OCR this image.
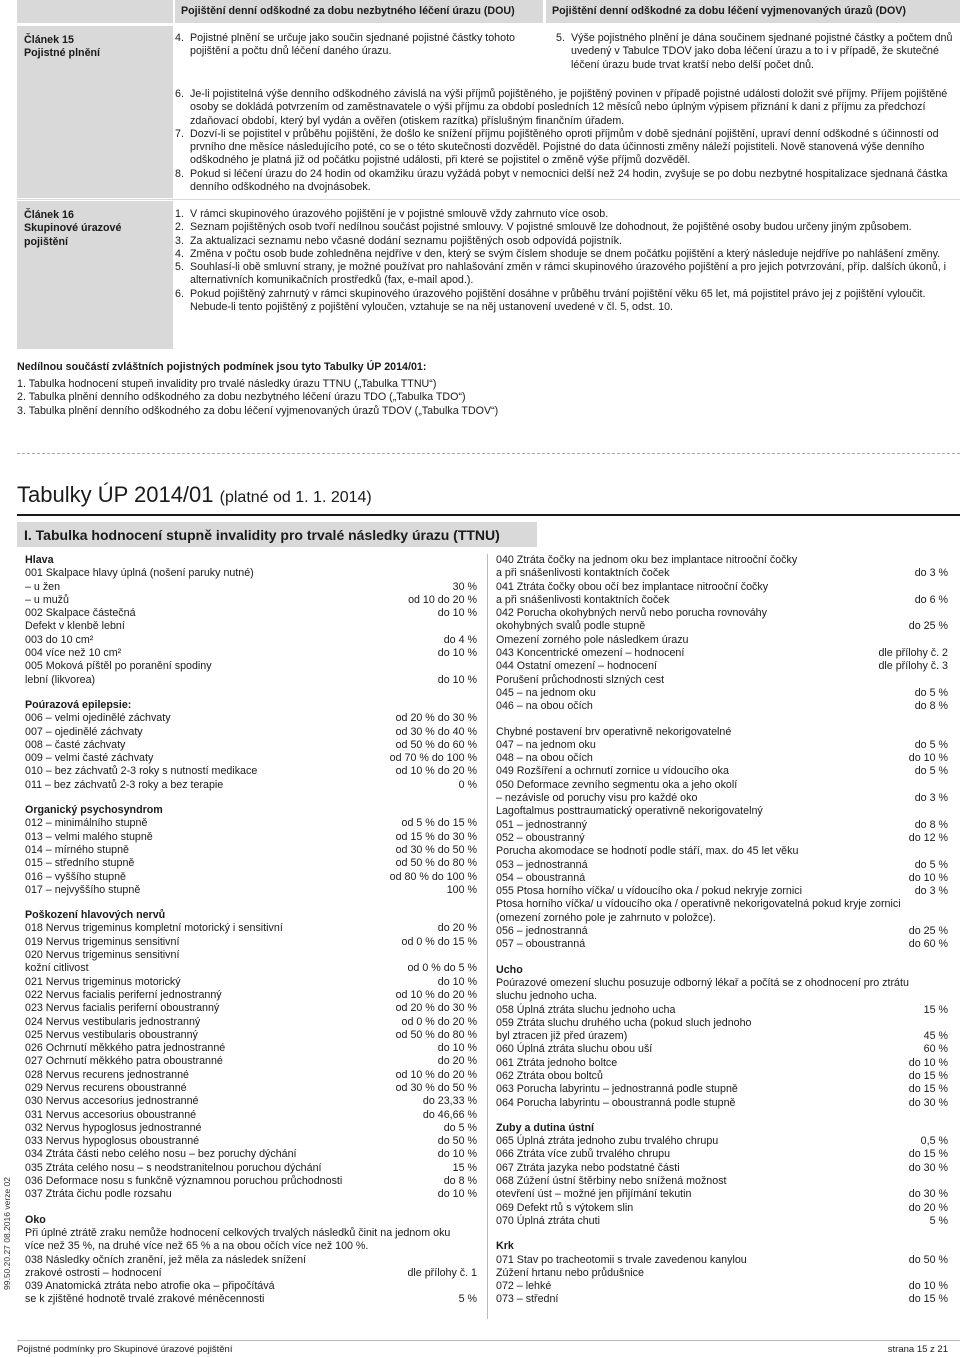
Pojištění denní odškodné za dobu nezbytného léčení úrazu (DOU)	Pojištění denní odškodné za dobu léčení vyjmenovaných úrazů (DOV)
Článek 15
Pojistné plnění
4. Pojistné plnění se určuje jako součin sjednané pojistné částky tohoto pojištění a počtu dnů léčení daného úrazu.
5. Výše pojistného plnění je dána součinem sjednané pojistné částky a počtem dnů uvedený v Tabulce TDOV jako doba léčení úrazu a to i v případě, že skutečné léčení úrazu bude trvat kratší nebo delší počet dnů.
6. Je-li pojistitelná výše denního odškodného závislá na výši příjmů pojištěného, je pojištěný povinen v případě pojistné události doložit své příjmy. Příjem pojištěné osoby se dokládá potvrzením od zaměstnavatele o výši příjmu za období posledních 12 měsíců nebo úplným výpisem přiznání k dani z příjmu za předchozí zdaňovací období, který byl vydán a ověřen (otiskem razítka) příslušným finančním úřadem.
7. Dozví-li se pojistitel v průběhu pojištění, že došlo ke snížení příjmu pojištěného oproti příjmům v době sjednání pojištění, upraví denní odškodné s účinností od prvního dne měsíce následujícího poté, co se o této skutečnosti dozvěděl. Pojistné do data účinnosti změny náleží pojistiteli. Nově stanovená výše denního odškodného je platná již od počátku pojistné události, při které se pojistitel o změně výše příjmů dozvěděl.
8. Pokud si léčení úrazu do 24 hodin od okamžiku úrazu vyžádá pobyt v nemocnici delší než 24 hodin, zvyšuje se po dobu nezbytné hospitalizace sjednaná částka denního odškodného na dvojnásobek.
Článek 16
Skupinové úrazové pojištění
1. V rámci skupinového úrazového pojištění je v pojistné smlouvě vždy zahrnuto více osob.
2. Seznam pojištěných osob tvoří nedílnou součást pojistné smlouvy. V pojistné smlouvě lze dohodnout, že pojištěné osoby budou určeny jiným způsobem.
3. Za aktualizaci seznamu nebo včasné dodání seznamu pojištěných osob odpovídá pojistník.
4. Změna v počtu osob bude zohledněna nejdříve v den, který se svým číslem shoduje se dnem počátku pojištění a který následuje nejdříve po nahlášení změny.
5. Souhlasí-li obě smluvní strany, je možné používat pro nahlašování změn v rámci skupinového úrazového pojištění a pro jejich potvrzování, příp. dalších úkonů, i alternativních komunikačních prostředků (fax, e-mail apod.).
6. Pokud pojištěný zahrnutý v rámci skupinového úrazového pojištění dosáhne v průběhu trvání pojištění věku 65 let, má pojistitel právo jej z pojištění vyloučit. Nebude-li tento pojištěný z pojištění vyloučen, vztahuje se na něj ustanovení uvedené v čl. 5, odst. 10.
Nedílnou součástí zvláštních pojistných podmínek jsou tyto Tabulky ÚP 2014/01:
1. Tabulka hodnocení stupeň invalidity pro trvalé následky úrazu TTNU („Tabulka TTNU“)
2. Tabulka plnění denního odškodného za dobu nezbytného léčení úrazu TDO („Tabulka TDO“)
3. Tabulka plnění denního odškodného za dobu léčení vyjmenovaných úrazů TDOV („Tabulka TDOV“)
Tabulky ÚP 2014/01 (platné od 1. 1. 2014)
I. Tabulka hodnocení stupně invalidity pro trvalé následky úrazu (TTNU)
Hlava
001 Skalpace hlavy úplná (nošení paruky nutné)
– u žen	30 %
– u mužů	od 10 do 20 %
002 Skalpace částečná	do 10 %
Defekt v klenbě lební
003 do 10 cm²	do 4 %
004 více než 10 cm²	do 10 %
005 Moková píštěl po poranění spodiny
lební (likvorea)	do 10 %
Poúrazová epilepsie:
006 – velmi ojedinělé záchvaty	od 20 % do 30 %
007 – ojedinělé záchvaty	od 30 % do 40 %
008 – časté záchvaty	od 50 % do 60 %
009 – velmi časté záchvaty	od 70 % do 100 %
010 – bez záchvatů 2-3 roky s nutností medikace	od 10 % do 20 %
011 – bez záchvatů 2-3 roky a bez terapie	0 %
Organický psychosyndrom
012 – minimálního stupně	od 5 % do 15 %
013 – velmi malého stupně	od 15 % do 30 %
014 – mírného stupně	od 30 % do 50 %
015 – středního stupně	od 50 % do 80 %
016 – vyššího stupně	od 80 % do 100 %
017 – nejvyššího stupně	100 %
Poškození hlavových nervů
018 Nervus trigeminus kompletní motorický i sensitivní	do 20 %
019 Nervus trigeminus sensitivní	od 0 % do 15 %
020 Nervus trigeminus sensitivní
kožní citlivost	od 0 % do 5 %
021 Nervus trigeminus motorický	do 10 %
022 Nervus facialis periferní jednostranný	od 10 % do 20 %
023 Nervus facialis periferní oboustranný	od 20 % do 30 %
024 Nervus vestibularis jednostranný	od 0 % do 20 %
025 Nervus vestibularis oboustranný	od 50 % do 80 %
026 Ochrnutí měkkého patra jednostranné	do 10 %
027 Ochrnutí měkkého patra oboustranné	do 20 %
028 Nervus recurens jednostranné	od 10 % do 20 %
029 Nervus recurens oboustranné	od 30 % do 50 %
030 Nervus accesorius jednostranné	do 23,33 %
031 Nervus accesorius oboustranné	do 46,66 %
032 Nervus hypoglosus jednostranné	do 5 %
033 Nervus hypoglosus oboustranné	do 50 %
034 Ztráta části nebo celého nosu – bez poruchy dýchání	do 10 %
035 Ztráta celého nosu – s neodstranitelnou poruchou dýchání	15 %
036 Deformace nosu s funkčně významnou poruchou průchodnosti	do 8 %
037 Ztráta čichu podle rozsahu	do 10 %
Oko
Při úplné ztrátě zraku nemůže hodnocení celkových trvalých následků činit na jednom oku více než 35 %, na druhé více než 65 % a na obou očích více než 100 %.
038 Následky očních zranění, jež měla za následek snížení
zrakové ostrosti – hodnocení	dle přílohy č. 1
039 Anatomická ztráta nebo atrofie oka – připočítává
se k zjištěné hodnotě trvalé zrakové méněcennosti	5 %
040 Ztráta čočky na jednom oku bez implantace nitrooční čočky
a při snášenlivosti kontaktních čoček	do 3 %
041 Ztráta čočky obou očí bez implantace nitrooční čočky
a při snášenlivosti kontaktních čoček	do 6 %
042 Porucha okohybných nervů nebo porucha rovnováhy
okohybných svalů podle stupně	do 25 %
Omezení zorného pole následkem úrazu
043 Koncentrické omezení – hodnocení	dle přílohy č. 2
044 Ostatní omezení – hodnocení	dle přílohy č. 3
Porušení průchodnosti slzných cest
045 – na jednom oku	do 5 %
046 – na obou očích	do 8 %
Chybné postavení brv operativně nekorigovatelné
047 – na jednom oku	do 5 %
048 – na obou očích	do 10 %
049 Rozšíření a ochrnutí zornice u vídoucího oka	do 5 %
050 Deformace zevního segmentu oka a jeho okolí
– nezávisle od poruchy visu pro každé oko	do 3 %
Lagoftalmus posttraumatický operativně nekorigovatelný
051 – jednostranný	do 8 %
052 – oboustranný	do 12 %
Porucha akomodace se hodnotí podle stáří, max. do 45 let věku
053 – jednostranná	do 5 %
054 – oboustranná	do 10 %
055 Ptosa horního víčka/ u vídoucího oka / pokud nekryje zornici	do 3 %
Ptosa horního víčka/ u vídoucího oka / operativně nekorigovatelná pokud kryje zornici (omezení zorného pole je zahrnuto v položce).
056 – jednostranná	do 25 %
057 – oboustranná	do 60 %
Ucho
Poúrazové omezení sluchu posuzuje odborný lékař a počítá se z ohodnocení pro ztrátu sluchu jednoho ucha.
058 Úplná ztráta sluchu jednoho ucha	15 %
059 Ztráta sluchu druhého ucha (pokud sluch jednoho
byl ztracen již před úrazem)	45 %
060 Úplná ztráta sluchu obou uší	60 %
061 Ztráta jednoho boltce	do 10 %
062 Ztráta obou boltců	do 15 %
063 Porucha labyrintu – jednostranná podle stupně	do 15 %
064 Porucha labyrintu – oboustranná podle stupně	do 30 %
Zuby a dutina ústní
065 Úplná ztráta jednoho zubu trvalého chrupu	0,5 %
066 Ztráta více zubů trvalého chrupu	do 15 %
067 Ztráta jazyka nebo podstatné části	do 30 %
068 Zúžení ústní štěrbiny nebo snížená možnost
otevření úst – možné jen přijímání tekutin	do 30 %
069 Defekt rtů s výtokem slin	do 20 %
070 Úplná ztráta chuti	5 %
Krk
071 Stav po tracheotomii s trvale zavedenou kanylou	do 50 %
Zúžení hrtanu nebo průdušnice
072 – lehké	do 10 %
073 – střední	do 15 %
99.50.20.27 08.2016 verze 02
Pojistné podmínky pro Skupinové úrazové pojištění	strana 15 z 21
